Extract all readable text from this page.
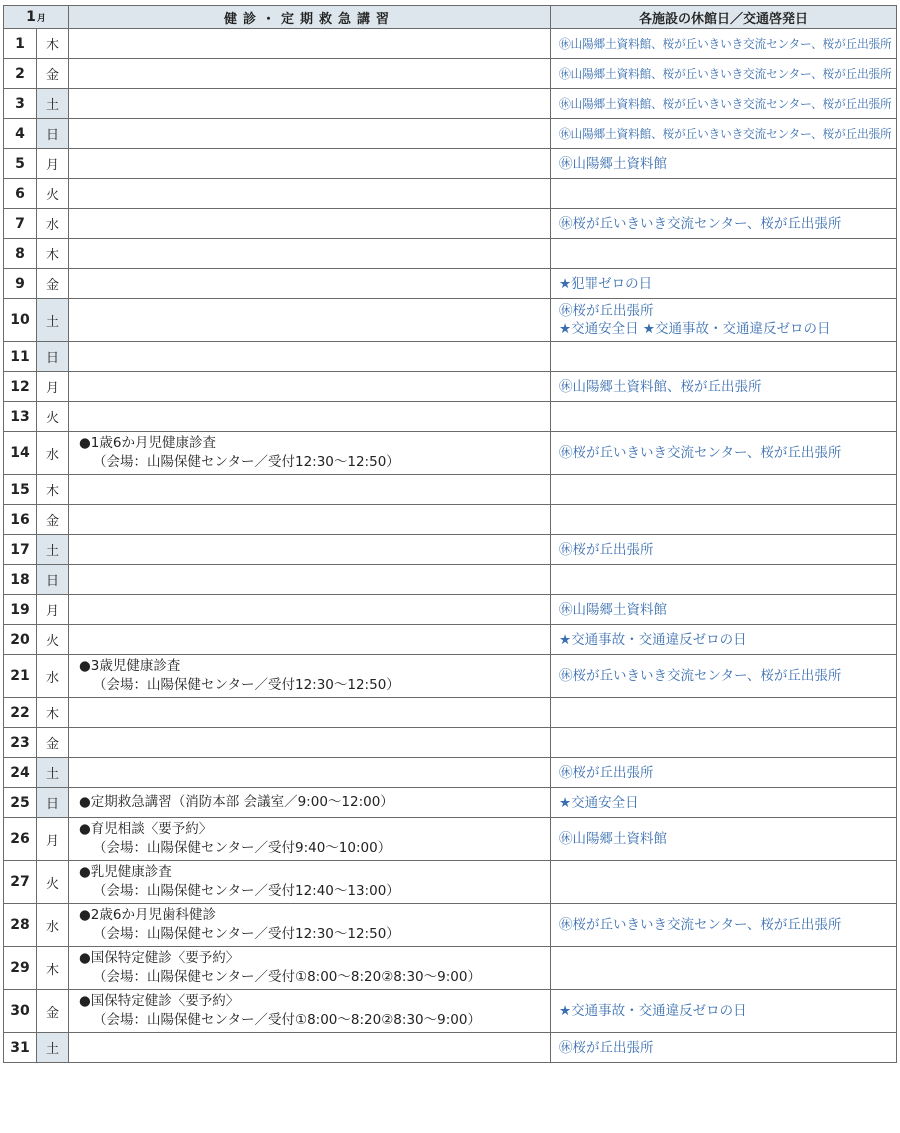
1月		健診・定期救急講習	各施設の休館日／交通啓発日
1	木		㊡山陽郷土資料館、桜が丘いきいき交流センター、桜が丘出張所

2	金		㊡山陽郷土資料館、桜が丘いきいき交流センター、桜が丘出張所

3	土		㊡山陽郷土資料館、桜が丘いきいき交流センター、桜が丘出張所

4	日		㊡山陽郷土資料館、桜が丘いきいき交流センター、桜が丘出張所

5	月		㊡山陽郷土資料館

6	火		
7	水		㊡桜が丘いきいき交流センター、桜が丘出張所

8	木		
9	金		★犯罪ゼロの日

10	土		㊡桜が丘出張所
★交通安全日 ★交通事故・交通違反ゼロの日

11	日		
12	月		㊡山陽郷土資料館、桜が丘出張所

13	火		
14	水	●1歳6か月児健康診査
（会場：山陽保健センター／受付12:30～12:50）	㊡桜が丘いきいき交流センター、桜が丘出張所

15	木		
16	金		
17	土		㊡桜が丘出張所

18	日		
19	月		㊡山陽郷土資料館

20	火		★交通事故・交通違反ゼロの日

21	水	●3歳児健康診査
（会場：山陽保健センター／受付12:30～12:50）	㊡桜が丘いきいき交流センター、桜が丘出張所

22	木		
23	金		
24	土		㊡桜が丘出張所

25	日	●定期救急講習（消防本部 会議室／9:00～12:00）	★交通安全日

26	月	●育児相談〈要予約〉
（会場：山陽保健センター／受付9:40～10:00）	㊡山陽郷土資料館

27	火	●乳児健康診査
（会場：山陽保健センター／受付12:40～13:00）	

28	水	●2歳6か月児歯科健診
（会場：山陽保健センター／受付12:30～12:50）	㊡桜が丘いきいき交流センター、桜が丘出張所

29	木	●国保特定健診〈要予約〉
（会場：山陽保健センター／受付①8:00～8:20②8:30～9:00）	

30	金	●国保特定健診〈要予約〉
（会場：山陽保健センター／受付①8:00～8:20②8:30～9:00）	★交通事故・交通違反ゼロの日

31	土		㊡桜が丘出張所
